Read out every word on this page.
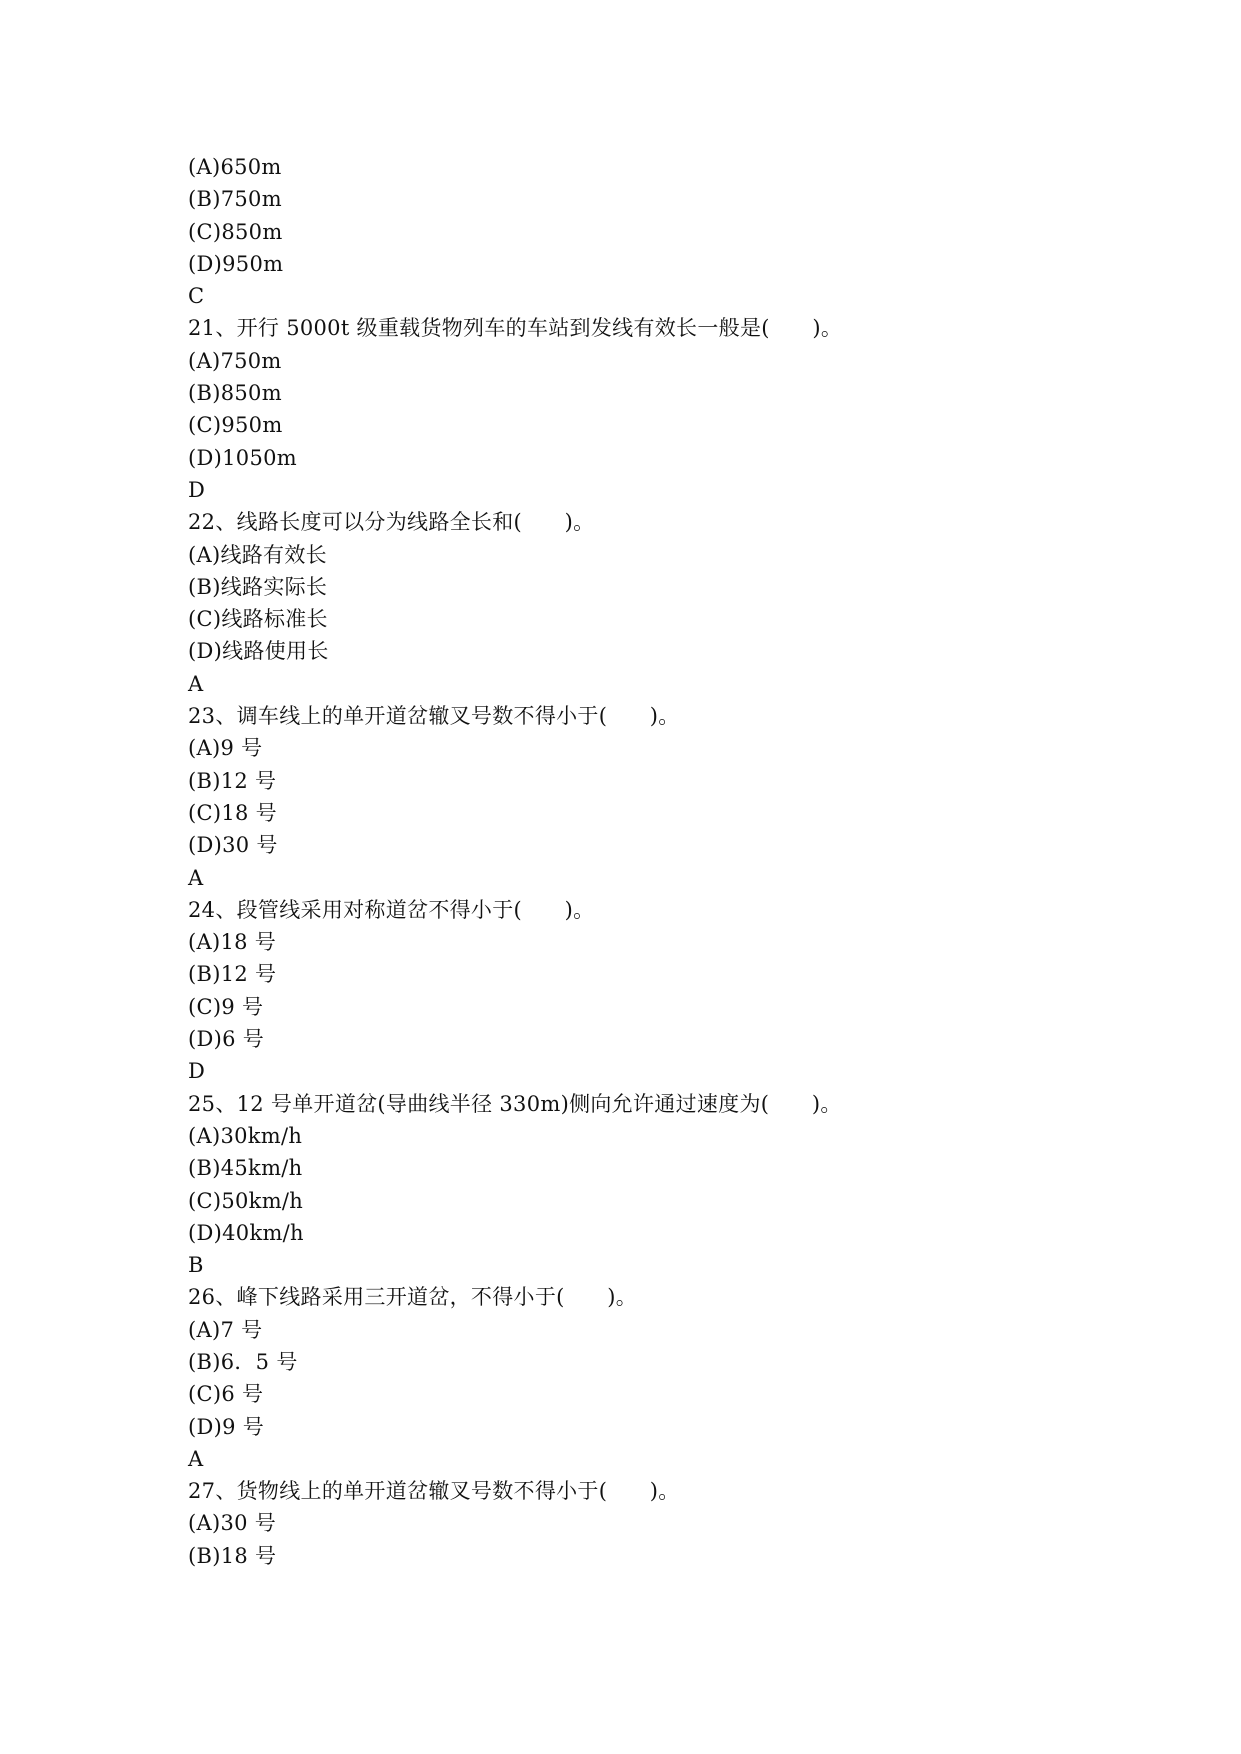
(A)650m
(B)750m
(C)850m
(D)950m
C
21、开行 5000t 级重载货物列车的车站到发线有效长一般是(　　)。
(A)750m
(B)850m
(C)950m
(D)1050m
D
22、线路长度可以分为线路全长和(　　)。
(A)线路有效长
(B)线路实际长
(C)线路标准长
(D)线路使用长
A
23、调车线上的单开道岔辙叉号数不得小于(　　)。
(A)9 号
(B)12 号
(C)18 号
(D)30 号
A
24、段管线采用对称道岔不得小于(　　)。
(A)18 号
(B)12 号
(C)9 号
(D)6 号
D
25、12 号单开道岔(导曲线半径 330m)侧向允许通过速度为(　　)。
(A)30km/h
(B)45km/h
(C)50km/h
(D)40km/h
B
26、峰下线路采用三开道岔，不得小于(　　)。
(A)7 号
(B)6．5 号
(C)6 号
(D)9 号
A
27、货物线上的单开道岔辙叉号数不得小于(　　)。
(A)30 号
(B)18 号
